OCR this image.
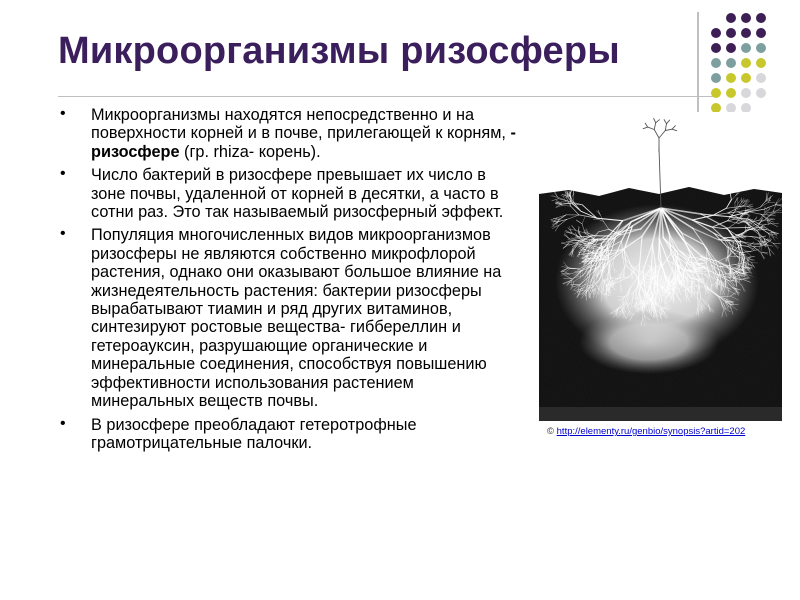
Микроорганизмы ризосферы
• Микроорганизмы находятся непосредственно и на поверхности корней и в почве, прилегающей к корням, - ризосфере (гр. rhiza- корень).
• Число бактерий в ризосфере превышает их число в зоне почвы, удаленной от корней в десятки, а часто в сотни раз. Это так называемый ризосферный эффект.
• Популяция многочисленных видов микроорганизмов ризосферы не являются собственно микрофлорой растения, однако они оказывают большое влияние на жизнедеятельность растения: бактерии ризосферы вырабатывают тиамин и ряд других витаминов, синтезируют ростовые вещества- гиббереллин и гетероауксин, разрушающие органические и минеральные соединения, способствуя повышению эффективности использования растением минеральных веществ почвы.
• В ризосфере преобладают гетеротрофные грамотрицательные палочки.
© http://elementy.ru/genbio/synopsis?artid=202
